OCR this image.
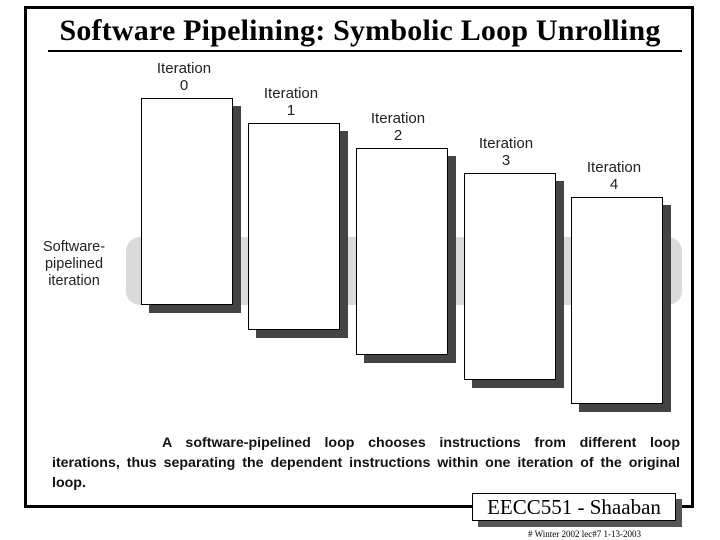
Software Pipelining: Symbolic Loop Unrolling
Iteration
0	Iteration
1	Iteration
2	Iteration
3	Iteration
4
Software-
pipelined
iteration
A software-pipelined loop chooses instructions from different loop iterations, thus separating the dependent instructions within one iteration of the original loop.
EECC551 - Shaaban
# Winter 2002 lec#7 1-13-2003
